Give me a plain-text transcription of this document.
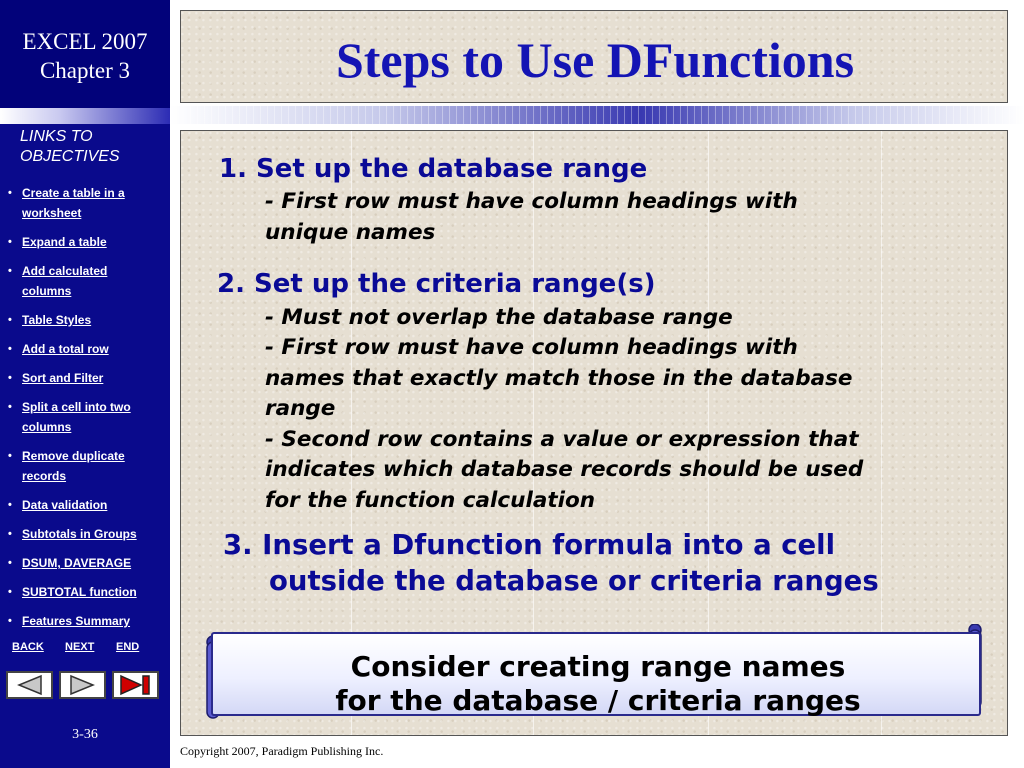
EXCEL 2007
Chapter 3
LINKS TO
OBJECTIVES
• Create a table in a
worksheet
• Expand a table
• Add calculated
columns
• Table Styles
• Add a total row
• Sort and Filter
• Split a cell into two
columns
• Remove duplicate
records
• Data validation
• Subtotals in Groups
• DSUM, DAVERAGE
• SUBTOTAL function
• Features Summary
BACK NEXT END
3-36
Steps to Use DFunctions
1. Set up the database range
- First row must have column headings with
unique names
2. Set up the criteria range(s)
- Must not overlap the database range
- First row must have column headings with
names that exactly match those in the database
range
- Second row contains a value or expression that
indicates which database records should be used
for the function calculation
3. Insert a Dfunction formula into a cell
outside the database or criteria ranges
Consider creating range names
for the database / criteria ranges
Copyright 2007, Paradigm Publishing Inc.
